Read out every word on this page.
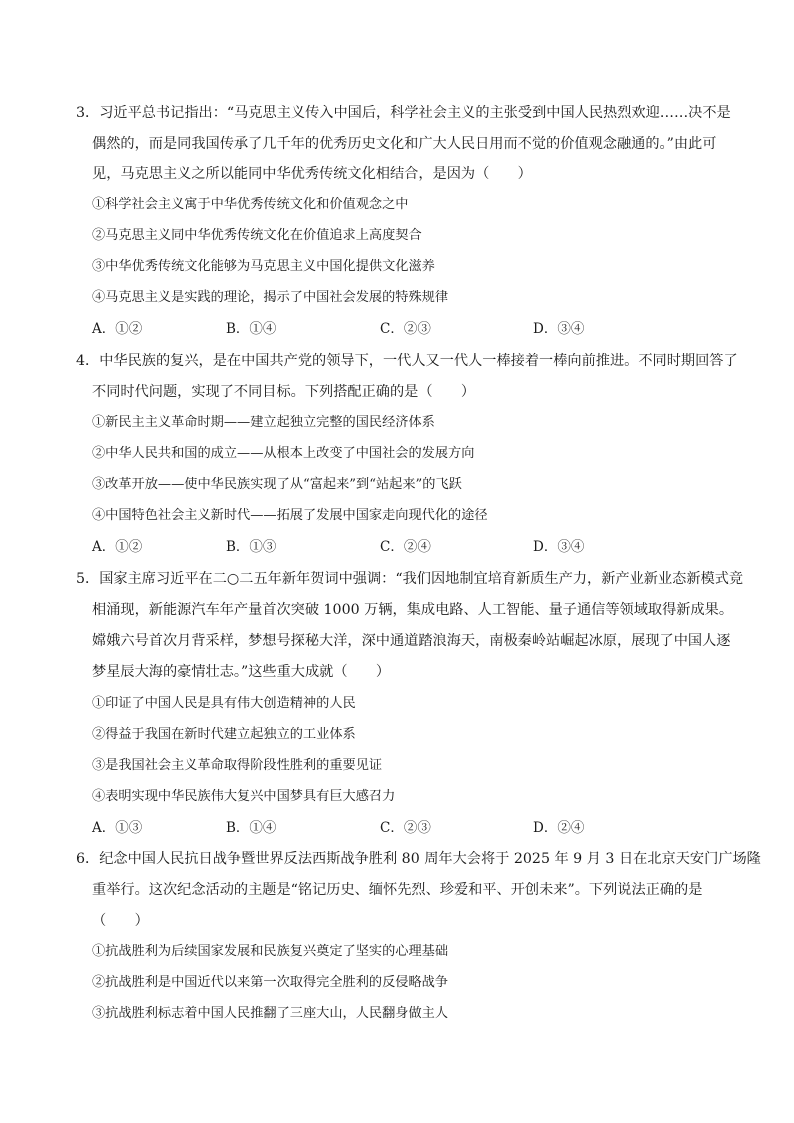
3．习近平总书记指出：“马克思主义传入中国后，科学社会主义的主张受到中国人民热烈欢迎……决不是
偶然的，而是同我国传承了几千年的优秀历史文化和广大人民日用而不觉的价值观念融通的。”由此可
见，马克思主义之所以能同中华优秀传统文化相结合，是因为（　　）
①科学社会主义寓于中华优秀传统文化和价值观念之中
②马克思主义同中华优秀传统文化在价值追求上高度契合
③中华优秀传统文化能够为马克思主义中国化提供文化滋养
④马克思主义是实践的理论，揭示了中国社会发展的特殊规律
A．①②	B．①④	C．②③	D．③④
4．中华民族的复兴，是在中国共产党的领导下，一代人又一代人一棒接着一棒向前推进。不同时期回答了
不同时代问题，实现了不同目标。下列搭配正确的是（　　）
①新民主主义革命时期——建立起独立完整的国民经济体系
②中华人民共和国的成立——从根本上改变了中国社会的发展方向
③改革开放——使中华民族实现了从“富起来”到“站起来”的飞跃
④中国特色社会主义新时代——拓展了发展中国家走向现代化的途径
A．①②	B．①③	C．②④	D．③④
5．国家主席习近平在二○二五年新年贺词中强调：“我们因地制宜培育新质生产力，新产业新业态新模式竞
相涌现，新能源汽车年产量首次突破 1000 万辆，集成电路、人工智能、量子通信等领域取得新成果。
嫦娥六号首次月背采样，梦想号探秘大洋，深中通道踏浪海天，南极秦岭站崛起冰原，展现了中国人逐
梦星辰大海的豪情壮志。”这些重大成就（　　）
①印证了中国人民是具有伟大创造精神的人民
②得益于我国在新时代建立起独立的工业体系
③是我国社会主义革命取得阶段性胜利的重要见证
④表明实现中华民族伟大复兴中国梦具有巨大感召力
A．①③	B．①④	C．②③	D．②④
6．纪念中国人民抗日战争暨世界反法西斯战争胜利 80 周年大会将于 2025 年 9 月 3 日在北京天安门广场隆
重举行。这次纪念活动的主题是“铭记历史、缅怀先烈、珍爱和平、开创未来”。下列说法正确的是
（　　）
①抗战胜利为后续国家发展和民族复兴奠定了坚实的心理基础
②抗战胜利是中国近代以来第一次取得完全胜利的反侵略战争
③抗战胜利标志着中国人民推翻了三座大山，人民翻身做主人
